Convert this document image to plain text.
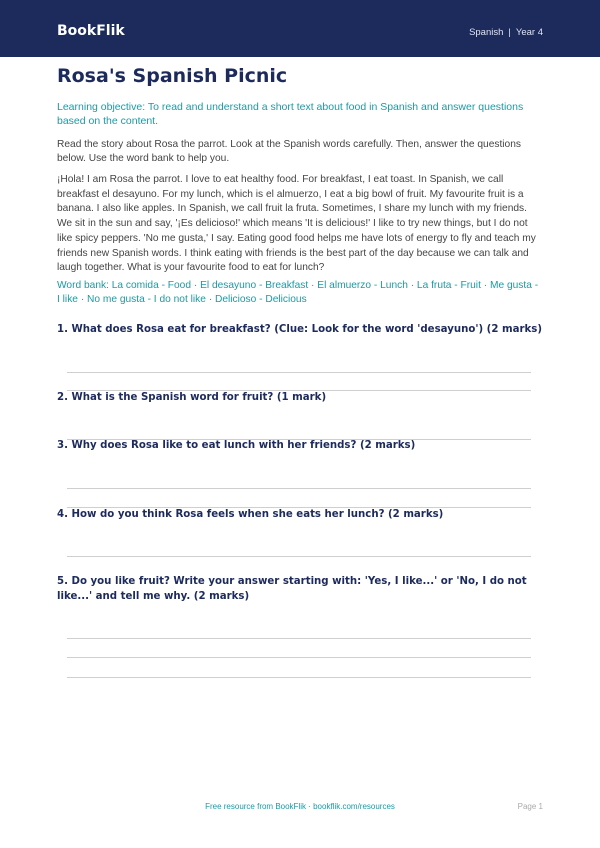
BookFlik	Spanish | Year 4
Rosa's Spanish Picnic

Learning objective: To read and understand a short text about food in Spanish and answer questions based on the content.

Read the story about Rosa the parrot. Look at the Spanish words carefully. Then, answer the questions below. Use the word bank to help you.

¡Hola! I am Rosa the parrot. I love to eat healthy food. For breakfast, I eat toast. In Spanish, we call breakfast el desayuno. For my lunch, which is el almuerzo, I eat a big bowl of fruit. My favourite fruit is a banana. I also like apples. In Spanish, we call fruit la fruta. Sometimes, I share my lunch with my friends. We sit in the sun and say, '¡Es delicioso!' which means 'It is delicious!' I like to try new things, but I do not like spicy peppers. 'No me gusta,' I say. Eating good food helps me have lots of energy to fly and teach my friends new Spanish words. I think eating with friends is the best part of the day because we can talk and laugh together. What is your favourite food to eat for lunch?

Word bank: La comida - Food · El desayuno - Breakfast · El almuerzo - Lunch · La fruta - Fruit · Me gusta - I like · No me gusta - I do not like · Delicioso - Delicious

1. What does Rosa eat for breakfast? (Clue: Look for the word 'desayuno') (2 marks)

2. What is the Spanish word for fruit? (1 mark)

3. Why does Rosa like to eat lunch with her friends? (2 marks)

4. How do you think Rosa feels when she eats her lunch? (2 marks)

5. Do you like fruit? Write your answer starting with: 'Yes, I like...' or 'No, I do not like...' and tell me why. (2 marks)

Free resource from BookFlik · bookflik.com/resources	Page 1
